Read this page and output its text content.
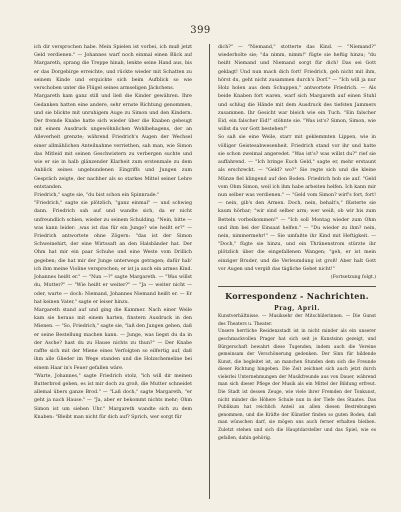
399

ich dir versprochen habe. Mein Spielen ist vorbei, ich muß jetzt Geld verdienen." — Johannes warf noch einmal einen Blick auf Margareth, sprang die Treppe hinab, lenkte seine Hand aus, bis er das Dorgebirge erreichte, und rückte wieder mit Schatten zu seinem Kinde und erquickte sich beim Aufblick so wie verschoben unter die Flügel seines armseligen Jäckchens.

Margareth kam ganz still und ließ die Kinder gewähren. Ihre Gedanken hatten eine andere, sehr ernste Richtung genommen, und sie blickte mit unruhigem Auge zu Simon und den Kindern. Der fremde Knabe hatte sich wieder über die Knaben gebeugt mit einem Ausdruck ungewöhnlichen Wohlbehagens, der an Alleverheit grenzte; während Friedrich's Augen der Wechsel einer allmählichen Anteilnahme verriethen, sah man, wie Simon das Mitleid mit seinen Geschwistern zu verbergen suchte und wie er sie in halb glänzender Klarheit zum erstenmale zu dem Anblick seines ungebundenen Eingriffs und Jungen zum Gespräch zeigte, der nachher als so starkes Mittel seiner Lehre entstanden.

Friedrich," sagte sie, "du bist schon ein Spinnrade."

"Friedrich," sagte sie plötzlich, "ganz einmal" — und schwieg dann. Friedrich sah auf und wandte sich, da er nicht unfreundlich schien, wieder zu seinem Schulding. "Nein, bitte — was kann leider: ,was ist das für ein Junge? wie heißt er?" — Friedrich antwortete ohne Zögern: "das ist der Simon Schweinehirt, der eine Wirtssaft an den Halsbänder hat. Der Ohm hat mir ein paar Schuhe und eine Weste vom Drillich gegeben; die hat mir der Junge unterwegs getragen; dafür hab' ich ihm meine Violine versprochen; er ist ja auch ein armes Kind. Johannes heißt er." — "Nun —?" sagte Margareth. — "Was willst du, Mutter?" — "Wie heißt er weiter?" — "Ja — weiter nicht — oder, warte — doch: Niemand, Johannes Niemand heißt er. — Er hat keinen Vater," sagte er leiser hinzu.

Margareth stand auf und ging die Kammer. Nach einer Weile kam sie heraus mit einem harten, finstern Ausdruck in den Mienen. — "So, Friedrich," sagte sie, "laß den Jungen gehen, daß er seine Bestellung machen kann. — Junge, was liegst du da in der Asche? hast du zu Hause nichts zu thun?" — Der Knabe raffte sich mit der Miene eines Verfolgten so eilfertig auf, daß ihm alle Glieder im Wege standen und die Holzschemeline bei einem Haar in's Feuer gefallen wäre.

"Warte, Johannes," sagte Friedrich stolz, "ich will dir meinen Butterbrod geben, es ist mir doch zu groß, die Mutter schneidet allemal übers ganze Brod." — "Laß doch," sagte Margareth, "er geht ja nach Hause." — "Ja, aber er bekommt nichts mehr; Ohm Simon ist um sieben Uhr." Margareth wandte sich zu dem Knaben: "Bleibt man nicht für dich auf? Sprich, wer sorgt für

dich?" — "Niemand," stotterte das Kind. — "Niemand?" wiederholte sie; "da nimm, nimm!" fügte sie heftig hinzu; "du heißt Niemand und Niemand sorgt für dich! Das sei Gott geklagt! Und nun mach dich fort! Friedrich, geh nicht mit ihm, hörst du, geht nicht zusammen durch's Dorf." — "Ich will ja nur Holz holen aus dem Schuppen," antwortete Friedrich. — Als beide Knaben fort waren, warf sich Margareth auf einen Stuhl und schlug die Hände mit dem Ausdruck des tiefsten Jammers zusammen. Ihr Gesicht war bleich wie ein Tuch. "Ein falscher Eid, ein falscher Eid!" stöhnte sie. "Was ist's? Simon, Simon, wie willst du vor Gott bestehen!"

So saß sie eine Weile, starr mit geklemmten Lippen, wie in völliger Geistesabwesenheit. Friedrich stand vor ihr und hatte sie schon zweimal angeredet. "Was ist's? was willst du?" rief sie auffahrend. — "Ich bringe Euch Geld," sagte er, mehr erstaunt als erschreckt. — "Geld? wo?" Sie regte sich und die kleine Münze fiel klingend auf den Boden. Friedrich hob sie auf. "Geld vom Ohm Simon, weil ich ihm habe arbeiten helfen. Ich kann mir nun selber was verdienen." — "Geld vom Simon? wirf's fort, fort! — nein, gib's den Armen. Doch, nein, behalt's," flüsterte sie kaum hörbar; "wir sind selber arm; wer weiß, ob wir bis zum Betteln vorbeikommen!" — "Ich soll Montag wieder zum Ohm und ihm bei der Einsaat helfen." — "Du wieder zu ihm? nein, nein, nimmermehr!" — Sie umfaßte ihr Kind mit Heftigkeit. — "Doch," fügte sie hinzu, und ein Thränenstrom stürzte ihr plötzlich über die eingefallenen Wangen; "geh, er ist mein einziger Bruder, und die Verleumdung ist groß! Aber halt Gott vor Augen und vergiß das tägliche Gebet nicht!"

(Fortsetzung folgt.)
Korrespondenz - Nachrichten.
Prag, April.

Kunstverhältnisse. — Musiksehr der Mitschülerinnen. — Die Gunst des Theaters u. Theater.

Unsere herrliche Residenzstadt ist in nicht minder als ein unserer geschmackvollen Prager hat sich seit je Kunstsinn gezeigt, und Bürgerschaft bewahrt diese Tugenden, indem auch die Vereine gemeinsam der Verschönerung gedenken. Der Sinn für bildende Kunst, die begleitet ist, an manchen Stunden dem sich die Freunde dieser Richtung hingeben. Die Zeit zeichnet sich auch jetzt durch vielerlei Unternehmungen der Musikfreunde aus von Dauer, während man sich dieser Pflege der Musik als ein Mittel der Bildung erfreut. Die Stadt ist dessen Zeuge, wie viele ihrer Fremden der Tonkunst, nicht minder die Höhere Schule nun in der Tiefe des Staates. Das Publikum hat reichlich Anteil an allen diesen Bestrebungen genommen, und die Kräfte der Künstler finden so guten Boden, daß man wünschen darf, sie mögen uns auch ferner erhalten bleiben. Zuletzt stehen und sich die Hauptdarsteller und das Spiel, wie es gefallen, dahin gehörig.
